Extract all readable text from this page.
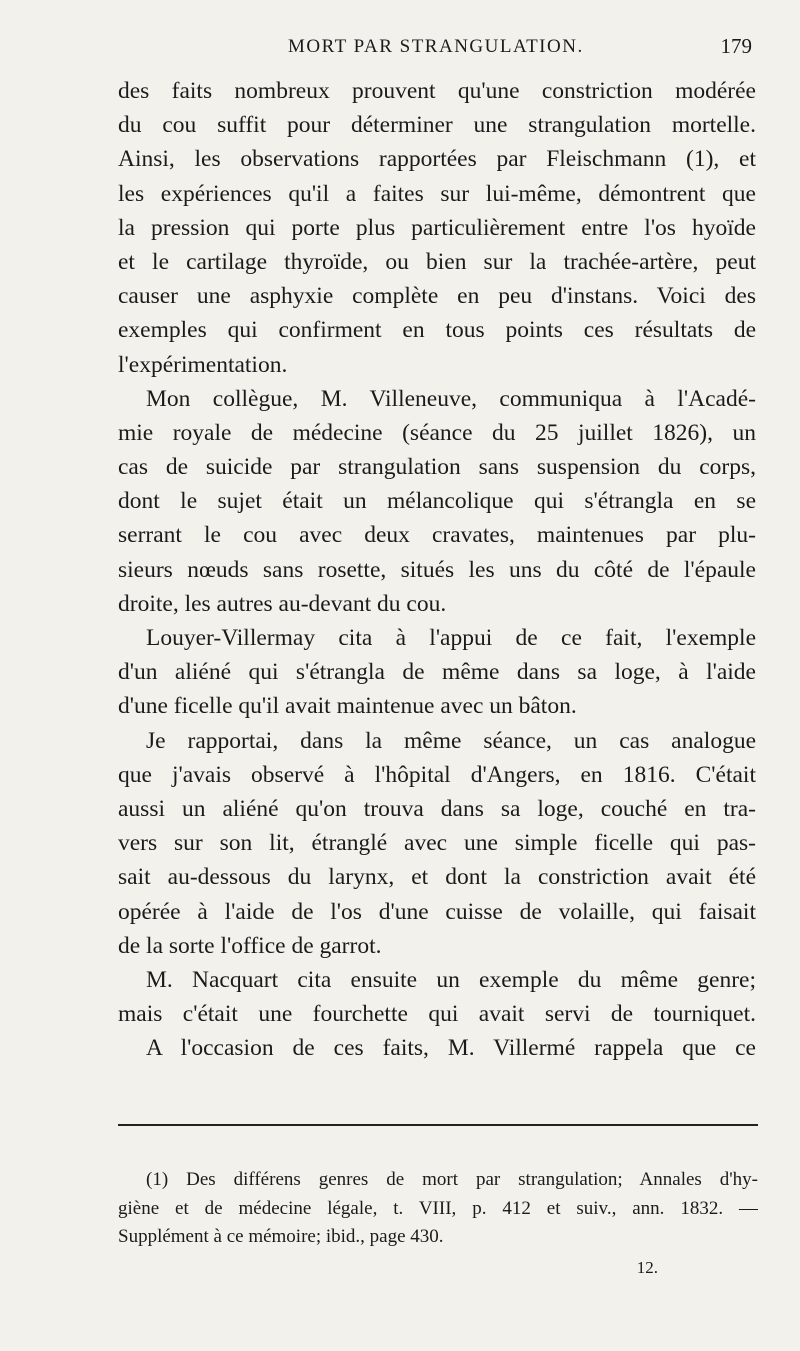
MORT PAR STRANGULATION.	179
des faits nombreux prouvent qu'une constriction modérée
du cou suffit pour déterminer une strangulation mortelle.
Ainsi, les observations rapportées par Fleischmann (1), et
les expériences qu'il a faites sur lui-même, démontrent que
la pression qui porte plus particulièrement entre l'os hyoïde
et le cartilage thyroïde, ou bien sur la trachée-artère, peut
causer une asphyxie complète en peu d'instans. Voici des
exemples qui confirment en tous points ces résultats de
l'expérimentation.
Mon collègue, M. Villeneuve, communiqua à l'Acadé-
mie royale de médecine (séance du 25 juillet 1826), un
cas de suicide par strangulation sans suspension du corps,
dont le sujet était un mélancolique qui s'étrangla en se
serrant le cou avec deux cravates, maintenues par plu-
sieurs nœuds sans rosette, situés les uns du côté de l'épaule
droite, les autres au-devant du cou.
Louyer-Villermay cita à l'appui de ce fait, l'exemple
d'un aliéné qui s'étrangla de même dans sa loge, à l'aide
d'une ficelle qu'il avait maintenue avec un bâton.
Je rapportai, dans la même séance, un cas analogue
que j'avais observé à l'hôpital d'Angers, en 1816. C'était
aussi un aliéné qu'on trouva dans sa loge, couché en tra-
vers sur son lit, étranglé avec une simple ficelle qui pas-
sait au-dessous du larynx, et dont la constriction avait été
opérée à l'aide de l'os d'une cuisse de volaille, qui faisait
de la sorte l'office de garrot.
M. Nacquart cita ensuite un exemple du même genre;
mais c'était une fourchette qui avait servi de tourniquet.
A l'occasion de ces faits, M. Villermé rappela que ce
(1) Des différens genres de mort par strangulation; Annales d'hy-
giène et de médecine légale, t. VIII, p. 412 et suiv., ann. 1832. —
Supplément à ce mémoire; ibid., page 430.
12.
